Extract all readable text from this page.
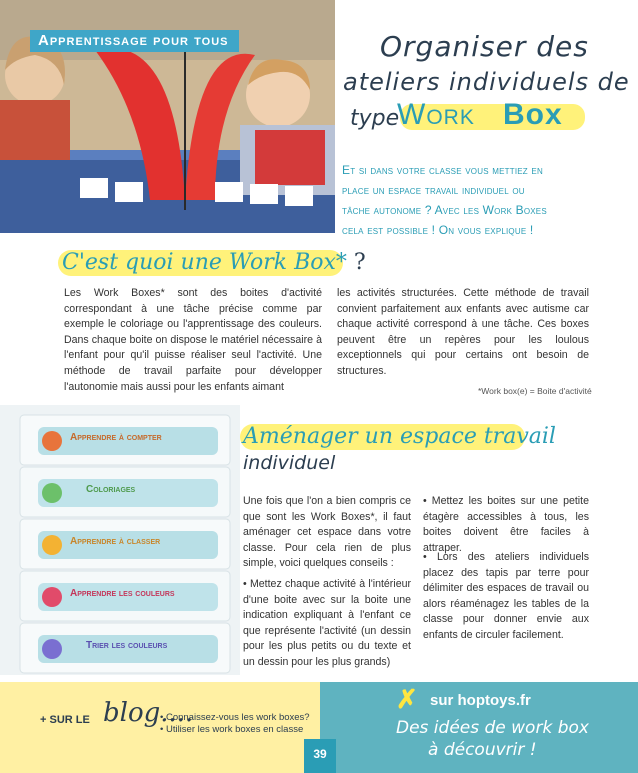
Apprentissage pour tous	Organiser des
ateliers individuels de
type
Work Box
Et si dans votre classe vous mettiez en
place un espace travail individuel ou
tâche autonome ? Avec les Work Boxes
cela est possible ! On vous explique !
C'est quoi une Work Box* ?
Les Work Boxes* sont des boites d'activité correspondant à une tâche précise comme par exemple le coloriage ou l'apprentissage des couleurs. Dans chaque boite on dispose le matériel nécessaire à l'enfant pour qu'il puisse réaliser seul l'activité. Une méthode de travail parfaite pour développer l'autonomie mais aussi pour les enfants aimant
les activités structurées. Cette méthode de travail convient parfaitement aux enfants avec autisme car chaque activité correspond à une tâche. Ces boxes peuvent être un repères pour les loulous exceptionnels qui pour certains ont besoin de structures.
*Work box(e) = Boite d'activité
Apprendre à compter
Coloriages
Apprendre à classer
Apprendre les couleurs
Trier les couleurs
Aménager un espace travail
individuel
Une fois que l'on a bien compris ce que sont les Work Boxes*, il faut aménager cet espace dans votre classe. Pour cela rien de plus simple, voici quelques conseils :
• Mettez chaque activité à l'intérieur d'une boite avec sur la boite une indication expliquant à l'enfant ce que représente l'activité (un dessin pour les plus petits ou du texte et un dessin pour les plus grands)
• Mettez les boites sur une petite étagère accessibles à tous, les boites doivent être faciles à attraper.
• Lors des ateliers individuels placez des tapis par terre pour délimiter des espaces de travail ou alors réaménagez les tables de la classe pour donner envie aux enfants de circuler facilement.
+ SUR LE blog....
• Connaissez-vous les work boxes?
• Utiliser les work boxes en classe
39
✗ sur hoptoys.fr
Des idées de work box
à découvrir !
